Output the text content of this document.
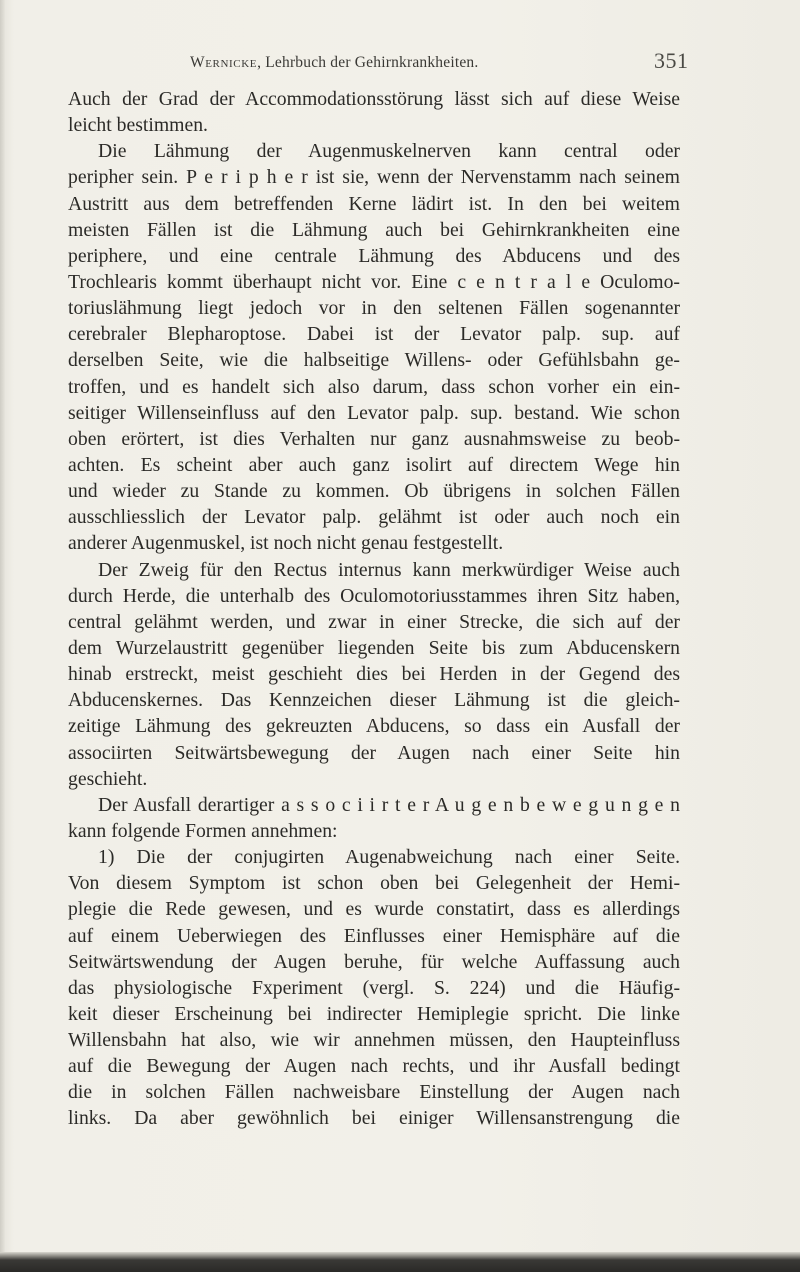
Wernicke, Lehrbuch der Gehirnkrankheiten.	351
Auch der Grad der Accommodationsstörung lässt sich auf diese Weise
leicht bestimmen.
Die Lähmung der Augenmuskelnerven kann central oder
peripher sein. P e r i p h e r ist sie, wenn der Nervenstamm nach seinem
Austritt aus dem betreffenden Kerne lädirt ist. In den bei weitem
meisten Fällen ist die Lähmung auch bei Gehirnkrankheiten eine
periphere, und eine centrale Lähmung des Abducens und des
Trochlearis kommt überhaupt nicht vor. Eine c e n t r a l e Oculomo-
toriuslähmung liegt jedoch vor in den seltenen Fällen sogenannter
cerebraler Blepharoptose. Dabei ist der Levator palp. sup. auf
derselben Seite, wie die halbseitige Willens- oder Gefühlsbahn ge-
troffen, und es handelt sich also darum, dass schon vorher ein ein-
seitiger Willenseinfluss auf den Levator palp. sup. bestand. Wie schon
oben erörtert, ist dies Verhalten nur ganz ausnahmsweise zu beob-
achten. Es scheint aber auch ganz isolirt auf directem Wege hin
und wieder zu Stande zu kommen. Ob übrigens in solchen Fällen
ausschliesslich der Levator palp. gelähmt ist oder auch noch ein
anderer Augenmuskel, ist noch nicht genau festgestellt.
Der Zweig für den Rectus internus kann merkwürdiger Weise auch
durch Herde, die unterhalb des Oculomotoriusstammes ihren Sitz haben,
central gelähmt werden, und zwar in einer Strecke, die sich auf der
dem Wurzelaustritt gegenüber liegenden Seite bis zum Abducenskern
hinab erstreckt, meist geschieht dies bei Herden in der Gegend des
Abducenskernes. Das Kennzeichen dieser Lähmung ist die gleich-
zeitige Lähmung des gekreuzten Abducens, so dass ein Ausfall der
associirten Seitwärtsbewegung der Augen nach einer Seite hin
geschieht.
Der Ausfall derartiger a s s o c i i r t e r A u g e n b e w e g u n g e n
kann folgende Formen annehmen:
1) Die der conjugirten Augenabweichung nach einer Seite.
Von diesem Symptom ist schon oben bei Gelegenheit der Hemi-
plegie die Rede gewesen, und es wurde constatirt, dass es allerdings
auf einem Ueberwiegen des Einflusses einer Hemisphäre auf die
Seitwärtswendung der Augen beruhe, für welche Auffassung auch
das physiologische Fxperiment (vergl. S. 224) und die Häufig-
keit dieser Erscheinung bei indirecter Hemiplegie spricht. Die linke
Willensbahn hat also, wie wir annehmen müssen, den Haupteinfluss
auf die Bewegung der Augen nach rechts, und ihr Ausfall bedingt
die in solchen Fällen nachweisbare Einstellung der Augen nach
links. Da aber gewöhnlich bei einiger Willensanstrengung die
